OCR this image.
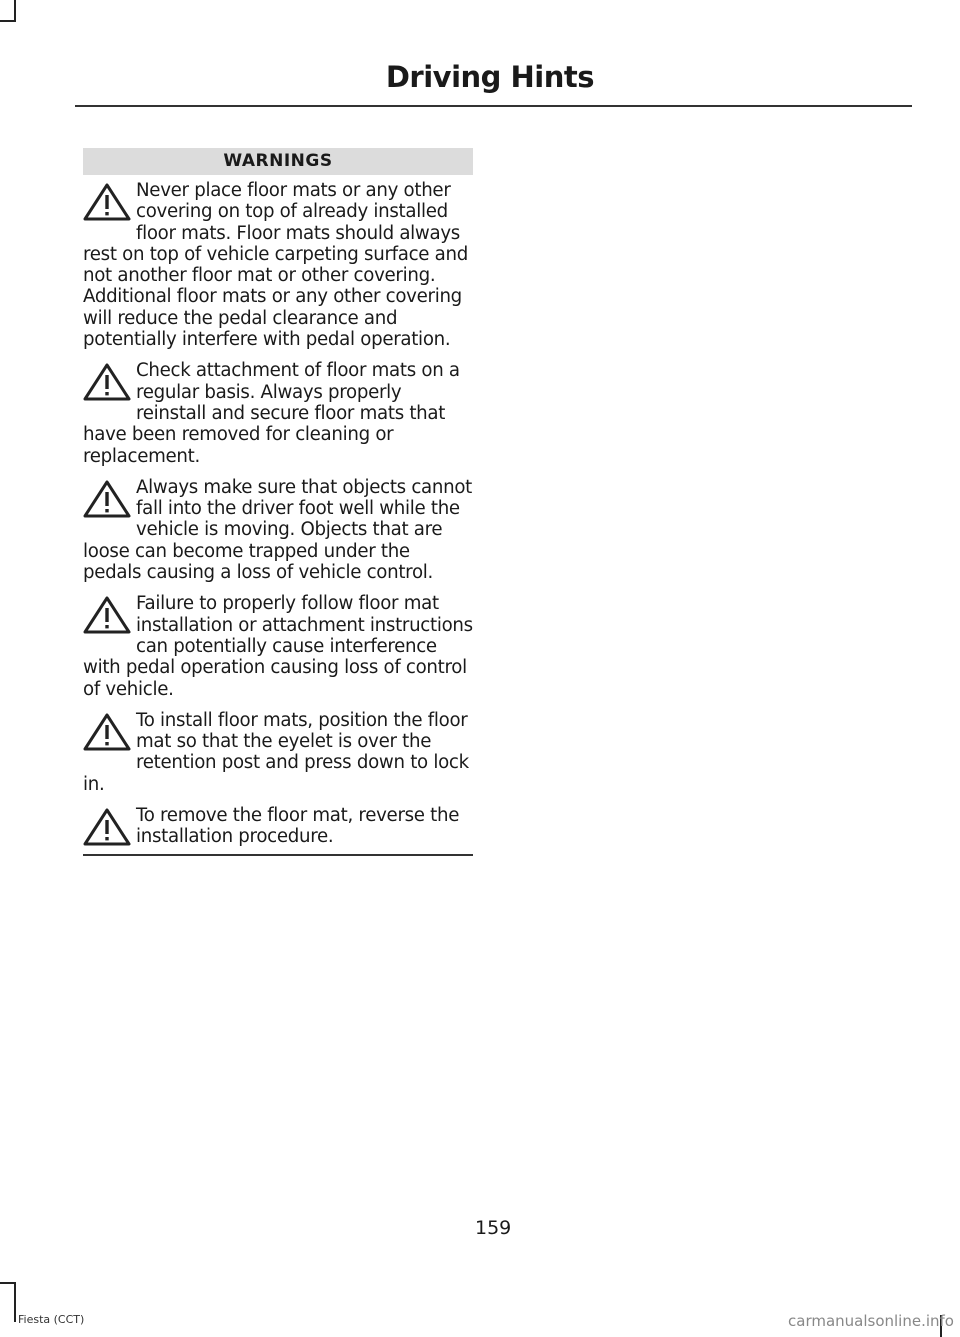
Driving Hints
WARNINGS
Never place floor mats or any other covering on top of already installed floor mats. Floor mats should always rest on top of vehicle carpeting surface and not another floor mat or other covering. Additional floor mats or any other covering will reduce the pedal clearance and potentially interfere with pedal operation.
Check attachment of floor mats on a regular basis. Always properly reinstall and secure floor mats that have been removed for cleaning or replacement.
Always make sure that objects cannot fall into the driver foot well while the vehicle is moving. Objects that are loose can become trapped under the pedals causing a loss of vehicle control.
Failure to properly follow floor mat installation or attachment instructions can potentially cause interference with pedal operation causing loss of control of vehicle.
To install floor mats, position the floor mat so that the eyelet is over the retention post and press down to lock in.
To remove the floor mat, reverse the installation procedure.
159
Fiesta (CCT)	carmanualsonline.info
